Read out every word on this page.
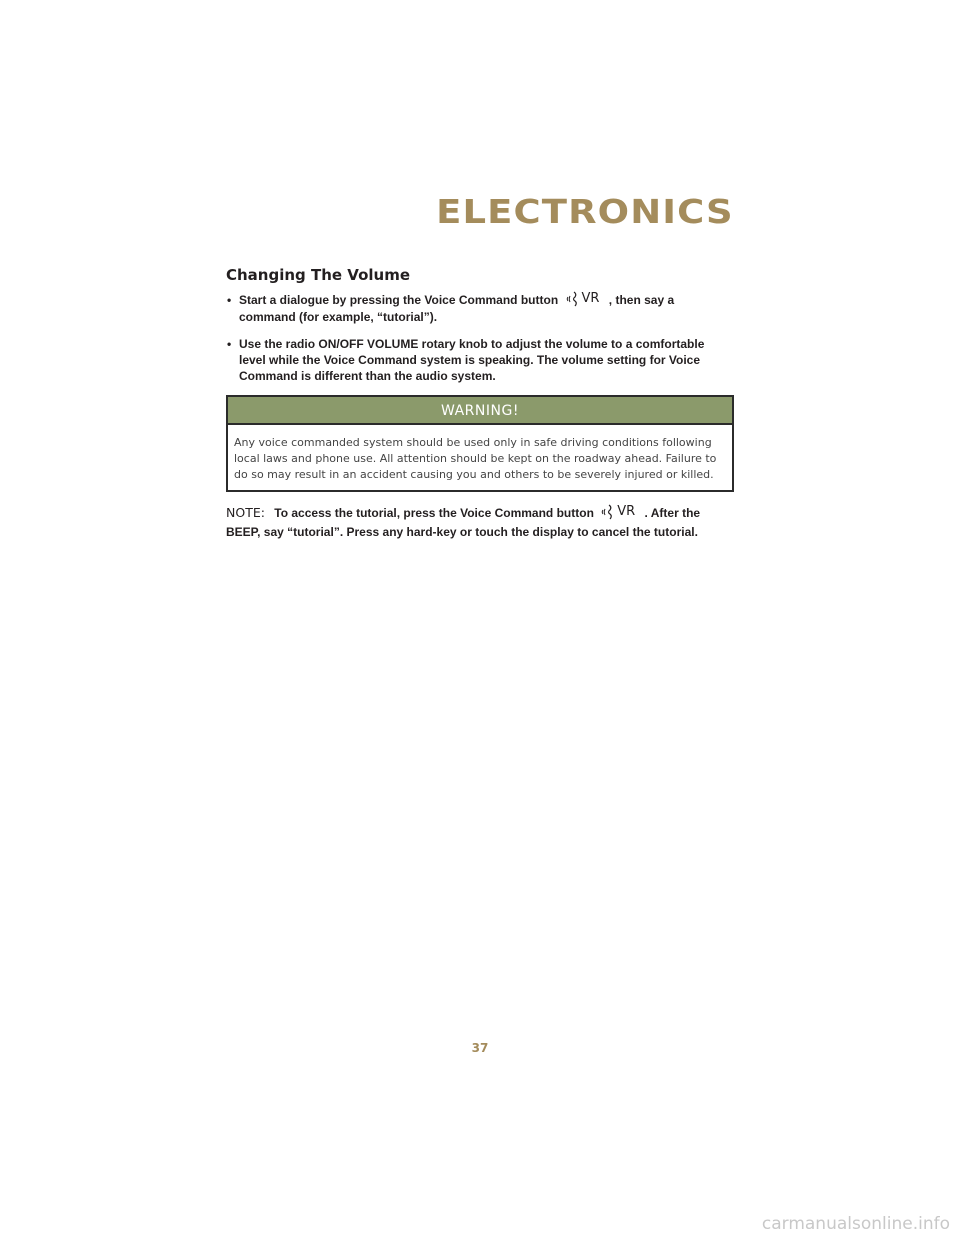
ELECTRONICS
Changing The Volume
• Start a dialogue by pressing the Voice Command button VR , then say a command (for example, “tutorial”).
• Use the radio ON/OFF VOLUME rotary knob to adjust the volume to a comfortable level while the Voice Command system is speaking. The volume setting for Voice Command is different than the audio system.
WARNING!
Any voice commanded system should be used only in safe driving conditions following local laws and phone use. All attention should be kept on the roadway ahead. Failure to do so may result in an accident causing you and others to be severely injured or killed.
NOTE: To access the tutorial, press the Voice Command button VR . After the BEEP, say “tutorial”. Press any hard-key or touch the display to cancel the tutorial.
37
carmanualsonline.info
